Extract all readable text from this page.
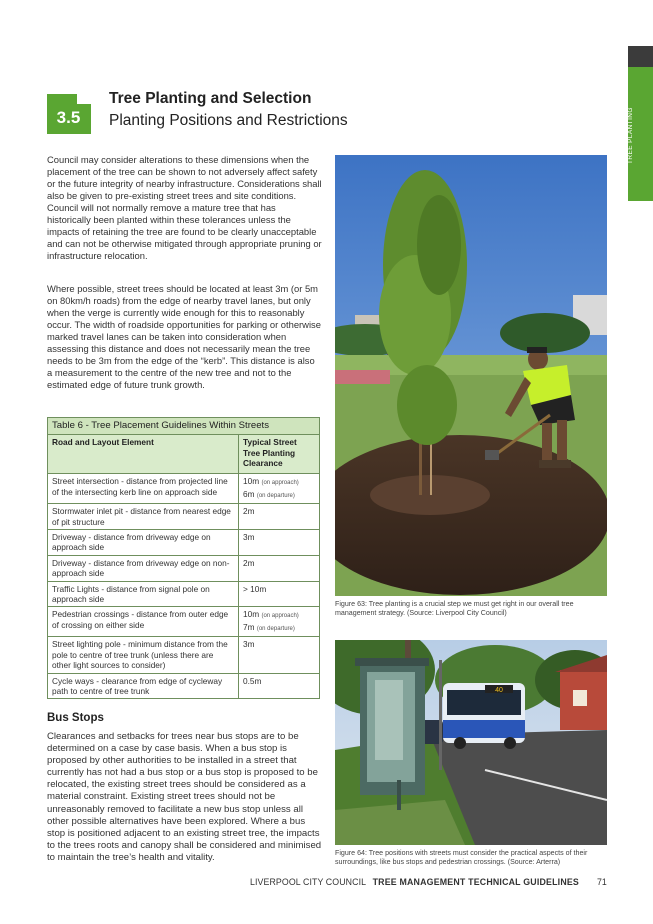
TREE PLANTING
3.5
Tree Planting and Selection
Planting Positions and Restrictions

Council may consider alterations to these dimensions when the placement of the tree can be shown to not adversely affect safety or the future integrity of nearby infrastructure. Considerations shall also be given to pre-existing street trees and site conditions. Council will not normally remove a mature tree that has historically been planted within these tolerances unless the impacts of retaining the tree are found to be clearly unacceptable and can not be otherwise mitigated through appropriate pruning or infrastructure relocation.

Where possible, street trees should be located at least 3m (or 5m on 80km/h roads) from the edge of nearby travel lanes, but only when the verge is currently wide enough for this to reasonably occur. The width of roadside opportunities for parking or otherwise marked travel lanes can be taken into consideration when assessing this distance and does not necessarily mean the tree needs to be 3m from the edge of the “kerb”. This distance is also a measurement to the centre of the new tree and not to the estimated edge of future trunk growth.

Table 6 - Tree Placement Guidelines Within Streets	
Road and Layout Element	Typical Street Tree Planting Clearance
Street intersection - distance from projected line of the intersecting kerb line on approach side	10m (on approach)
6m (on departure)
Stormwater inlet pit - distance from nearest edge of pit structure	2m
Driveway - distance from driveway edge on approach side	3m
Driveway - distance from driveway edge on non-approach side	2m
Traffic Lights - distance from signal pole on approach side	> 10m
Pedestrian crossings - distance from outer edge of crossing on either side	10m (on approach)
7m (on departure)
Street lighting pole - minimum distance from the pole to centre of tree trunk (unless there are other light sources to consider)	3m
Cycle ways - clearance from edge of cycleway path to centre of tree trunk	0.5m
Bus Stops

Clearances and setbacks for trees near bus stops are to be determined on a case by case basis. When a bus stop is proposed by other authorities to be installed in a street that currently has not had a bus stop or a bus stop is proposed to be relocated, the existing street trees should be considered as a material constraint. Existing street trees should not be unreasonably removed to facilitate a new bus stop unless all other possible alternatives have been explored. Where a bus stop is positioned adjacent to an existing street tree, the impacts to the trees roots and canopy shall be considered and minimised to maintain the tree’s health and vitality.

Figure 63: Tree planting is a crucial step we must get right in our overall tree management strategy. (Source: Liverpool City Council)
40
Figure 64: Tree positions with streets must consider the practical aspects of their surroundings, like bus stops and pedestrian crossings. (Source: Arterra)
LIVERPOOL CITY COUNCIL TREE MANAGEMENT TECHNICAL GUIDELINES 71
